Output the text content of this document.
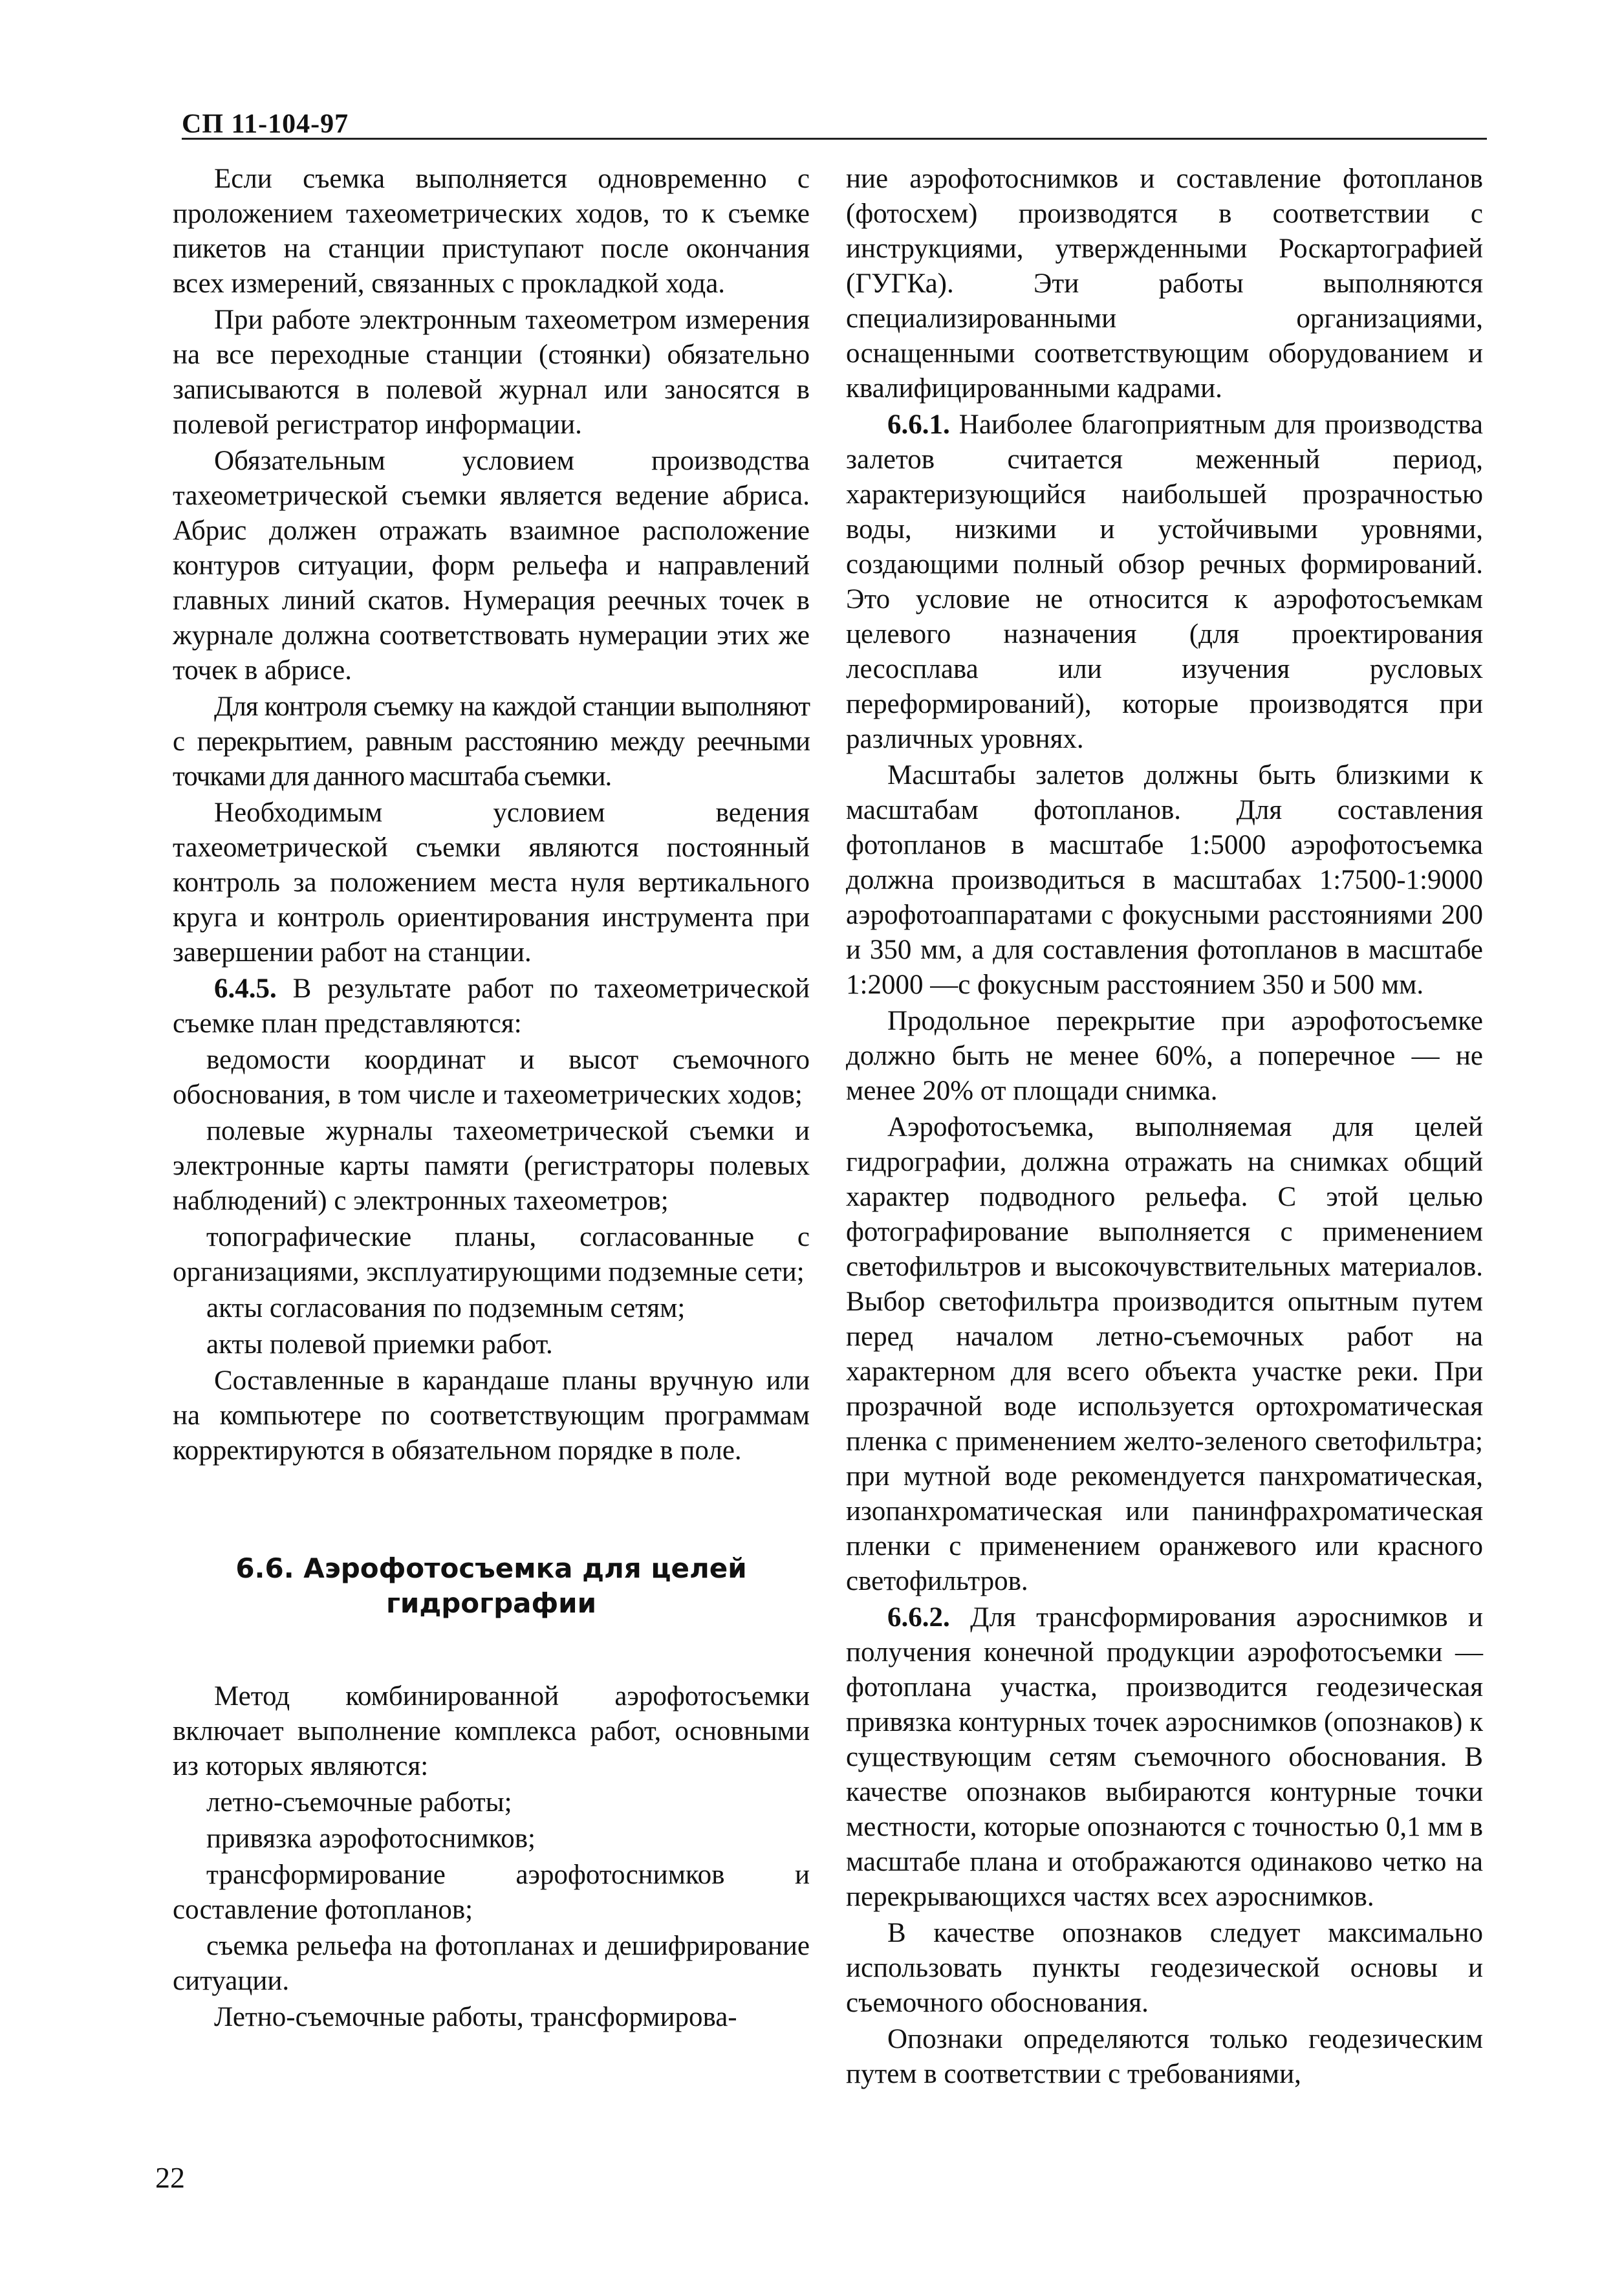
СП 11-104-97

Если съемка выполняется одновременно с проложением тахеометрических ходов, то к съемке пикетов на станции приступают после окончания всех измерений, связанных с прокладкой хода.

При работе электронным тахеометром измерения на все переходные станции (стоянки) обязательно записываются в полевой журнал или заносятся в полевой регистратор информации.

Обязательным условием производства тахеометрической съемки является ведение абриса. Абрис должен отражать взаимное расположение контуров ситуации, форм рельефа и направлений главных линий скатов. Нумерация реечных точек в журнале должна соответствовать нумерации этих же точек в абрисе.

Для контроля съемку на каждой станции выполняют с перекрытием, равным расстоянию между реечными точками для данного масштаба съемки.

Необходимым условием ведения тахеометрической съемки являются постоянный контроль за положением места нуля вертикального круга и контроль ориентирования инструмента при завершении работ на станции.

6.4.5. В результате работ по тахеометрической съемке план представляются:

ведомости координат и высот съемочного обоснования, в том числе и тахеометрических ходов;

полевые журналы тахеометрической съемки и электронные карты памяти (регистраторы полевых наблюдений) с электронных тахеометров;

топографические планы, согласованные с организациями, эксплуатирующими подземные сети;

акты согласования по подземным сетям;

акты полевой приемки работ.

Составленные в карандаше планы вручную или на компьютере по соответствующим программам корректируются в обязательном порядке в поле.

6.6. Аэрофотосъемка для целей гидрографии

Метод комбинированной аэрофотосъемки включает выполнение комплекса работ, основными из которых являются:

летно-съемочные работы;

привязка аэрофотоснимков;

трансформирование аэрофотоснимков и составление фотопланов;

съемка рельефа на фотопланах и дешифрирование ситуации.

Летно-съемочные работы, трансформирова-

ние аэрофотоснимков и составление фотопланов (фотосхем) производятся в соответствии с инструкциями, утвержденными Роскартографией (ГУГКа). Эти работы выполняются специализированными организациями, оснащенными соответствующим оборудованием и квалифицированными кадрами.

6.6.1. Наиболее благоприятным для производства залетов считается меженный период, характеризующийся наибольшей прозрачностью воды, низкими и устойчивыми уровнями, создающими полный обзор речных формирований. Это условие не относится к аэрофотосъемкам целевого назначения (для проектирования лесосплава или изучения русловых переформирований), которые производятся при различных уровнях.

Масштабы залетов должны быть близкими к масштабам фотопланов. Для составления фотопланов в масштабе 1:5000 аэрофотосъемка должна производиться в масштабах 1:7500-1:9000 аэрофотоаппаратами с фокусными расстояниями 200 и 350 мм, а для составления фотопланов в масштабе 1:2000 —с фокусным расстоянием 350 и 500 мм.

Продольное перекрытие при аэрофотосъемке должно быть не менее 60%, а поперечное — не менее 20% от площади снимка.

Аэрофотосъемка, выполняемая для целей гидрографии, должна отражать на снимках общий характер подводного рельефа. С этой целью фотографирование выполняется с применением светофильтров и высокочувствительных материалов. Выбор светофильтра производится опытным путем перед началом летно-съемочных работ на характерном для всего объекта участке реки. При прозрачной воде используется ортохроматическая пленка с применением желто-зеленого светофильтра; при мутной воде рекомендуется панхроматическая, изопанхроматическая или панинфрахроматическая пленки с применением оранжевого или красного светофильтров.

6.6.2. Для трансформирования аэроснимков и получения конечной продукции аэрофотосъемки —фотоплана участка, производится геодезическая привязка контурных точек аэроснимков (опознаков) к существующим сетям съемочного обоснования. В качестве опознаков выбираются контурные точки местности, которые опознаются с точностью 0,1 мм в масштабе плана и отображаются одинаково четко на перекрывающихся частях всех аэроснимков.

В качестве опознаков следует максимально использовать пункты геодезической основы и съемочного обоснования.

Опознаки определяются только геодезическим путем в соответствии с требованиями,

22
